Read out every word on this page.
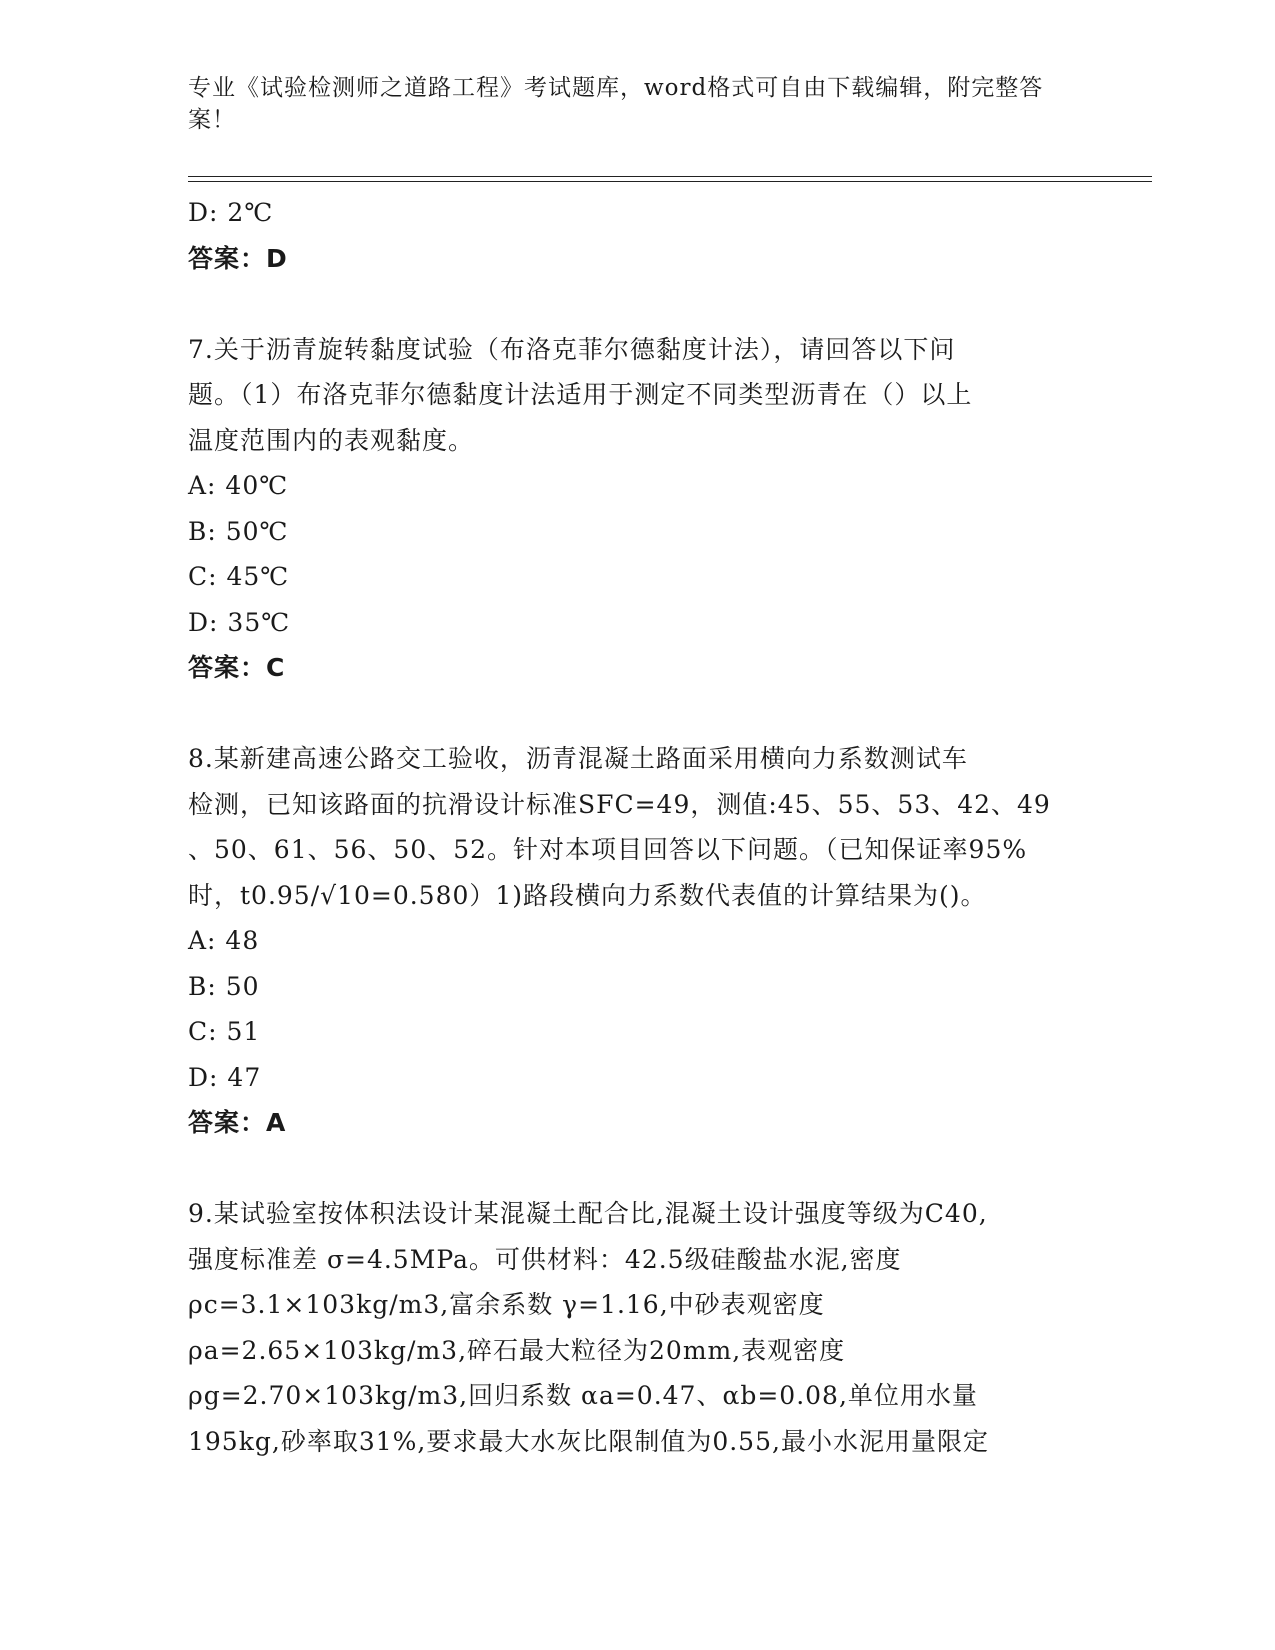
专业《试验检测师之道路工程》考试题库，word格式可自由下载编辑，附完整答
案！
D: 2℃
答案：D
7.关于沥青旋转黏度试验（布洛克菲尔德黏度计法），请回答以下问
题。（1）布洛克菲尔德黏度计法适用于测定不同类型沥青在（）以上
温度范围内的表观黏度。
A: 40℃
B: 50℃
C: 45℃
D: 35℃
答案：C
8.某新建高速公路交工验收，沥青混凝土路面采用横向力系数测试车
检测，已知该路面的抗滑设计标准SFC=49，测值:45、55、53、42、49
、50、61、56、50、52。针对本项目回答以下问题。（已知保证率95%
时，t0.95/√10=0.580）1)路段横向力系数代表值的计算结果为()。
A: 48
B: 50
C: 51
D: 47
答案：A
9.某试验室按体积法设计某混凝土配合比,混凝土设计强度等级为C40,
强度标准差 σ=4.5MPa。可供材料：42.5级硅酸盐水泥,密度
ρc=3.1×103kg/m3,富余系数 γ=1.16,中砂表观密度
ρa=2.65×103kg/m3,碎石最大粒径为20mm,表观密度
ρg=2.70×103kg/m3,回归系数 αa=0.47、αb=0.08,单位用水量
195kg,砂率取31%,要求最大水灰比限制值为0.55,最小水泥用量限定
